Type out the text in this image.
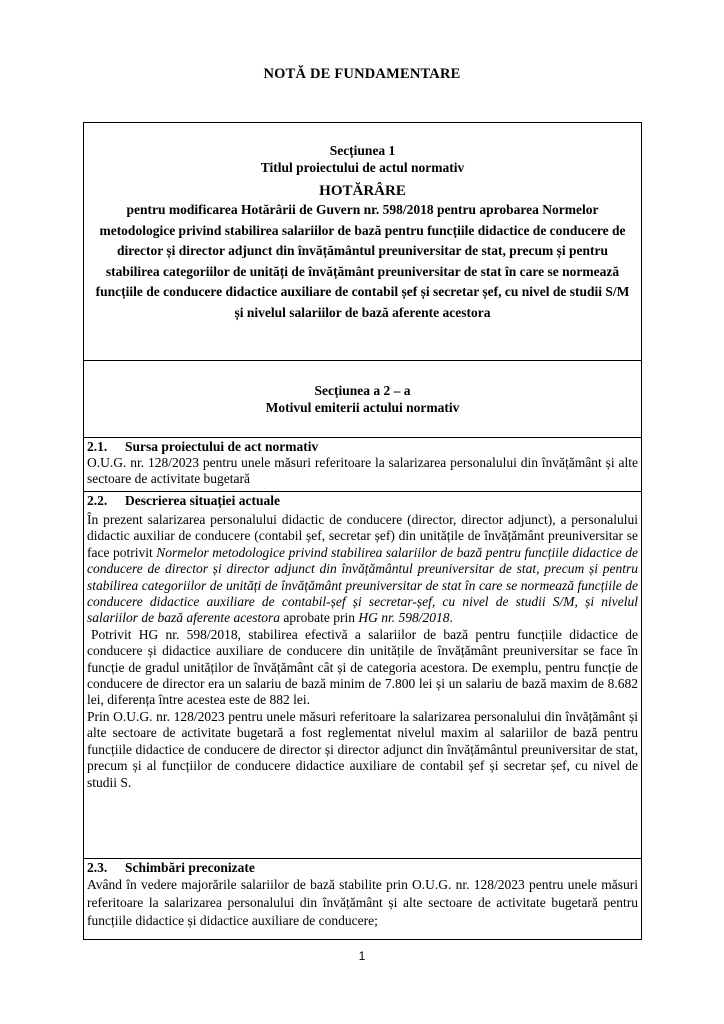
NOTĂ DE FUNDAMENTARE
Secțiunea 1
Titlul proiectului de actul normativ
HOTĂRÂRE
pentru modificarea Hotărârii de Guvern nr. 598/2018 pentru aprobarea Normelor metodologice privind stabilirea salariilor de bază pentru funcțiile didactice de conducere de director și director adjunct din învățământul preuniversitar de stat, precum și pentru stabilirea categoriilor de unități de învățământ preuniversitar de stat în care se normează funcțiile de conducere didactice auxiliare de contabil șef și secretar șef, cu nivel de studii S/M și nivelul salariilor de bază aferente acestora
Secțiunea a 2 – a
Motivul emiterii actului normativ
2.1. Sursa proiectului de act normativ
O.U.G. nr. 128/2023 pentru unele măsuri referitoare la salarizarea personalului din învățământ și alte sectoare de activitate bugetară
2.2. Descrierea situației actuale
În prezent salarizarea personalului didactic de conducere (director, director adjunct), a personalului didactic auxiliar de conducere (contabil șef, secretar șef) din unitățile de învățământ preuniversitar se face potrivit Normelor metodologice privind stabilirea salariilor de bază pentru funcțiile didactice de conducere de director și director adjunct din învățământul preuniversitar de stat, precum și pentru stabilirea categoriilor de unități de învățământ preuniversitar de stat în care se normează funcțiile de conducere didactice auxiliare de contabil-șef și secretar-șef, cu nivel de studii S/M, și nivelul salariilor de bază aferente acestora aprobate prin HG nr. 598/2018.
Potrivit HG nr. 598/2018, stabilirea efectivă a salariilor de bază pentru funcțiile didactice de conducere și didactice auxiliare de conducere din unitățile de învățământ preuniversitar se face în funcție de gradul unităților de învățământ cât și de categoria acestora. De exemplu, pentru funcție de conducere de director era un salariu de bază minim de 7.800 lei și un salariu de bază maxim de 8.682 lei, diferența între acestea este de 882 lei.
Prin O.U.G. nr. 128/2023 pentru unele măsuri referitoare la salarizarea personalului din învățământ și alte sectoare de activitate bugetară a fost reglementat nivelul maxim al salariilor de bază pentru funcțiile didactice de conducere de director și director adjunct din învățământul preuniversitar de stat, precum și al funcțiilor de conducere didactice auxiliare de contabil șef și secretar șef, cu nivel de studii S.
2.3. Schimbări preconizate
Având în vedere majorările salariilor de bază stabilite prin O.U.G. nr. 128/2023 pentru unele măsuri referitoare la salarizarea personalului din învățământ și alte sectoare de activitate bugetară pentru funcțiile didactice și didactice auxiliare de conducere;
1
